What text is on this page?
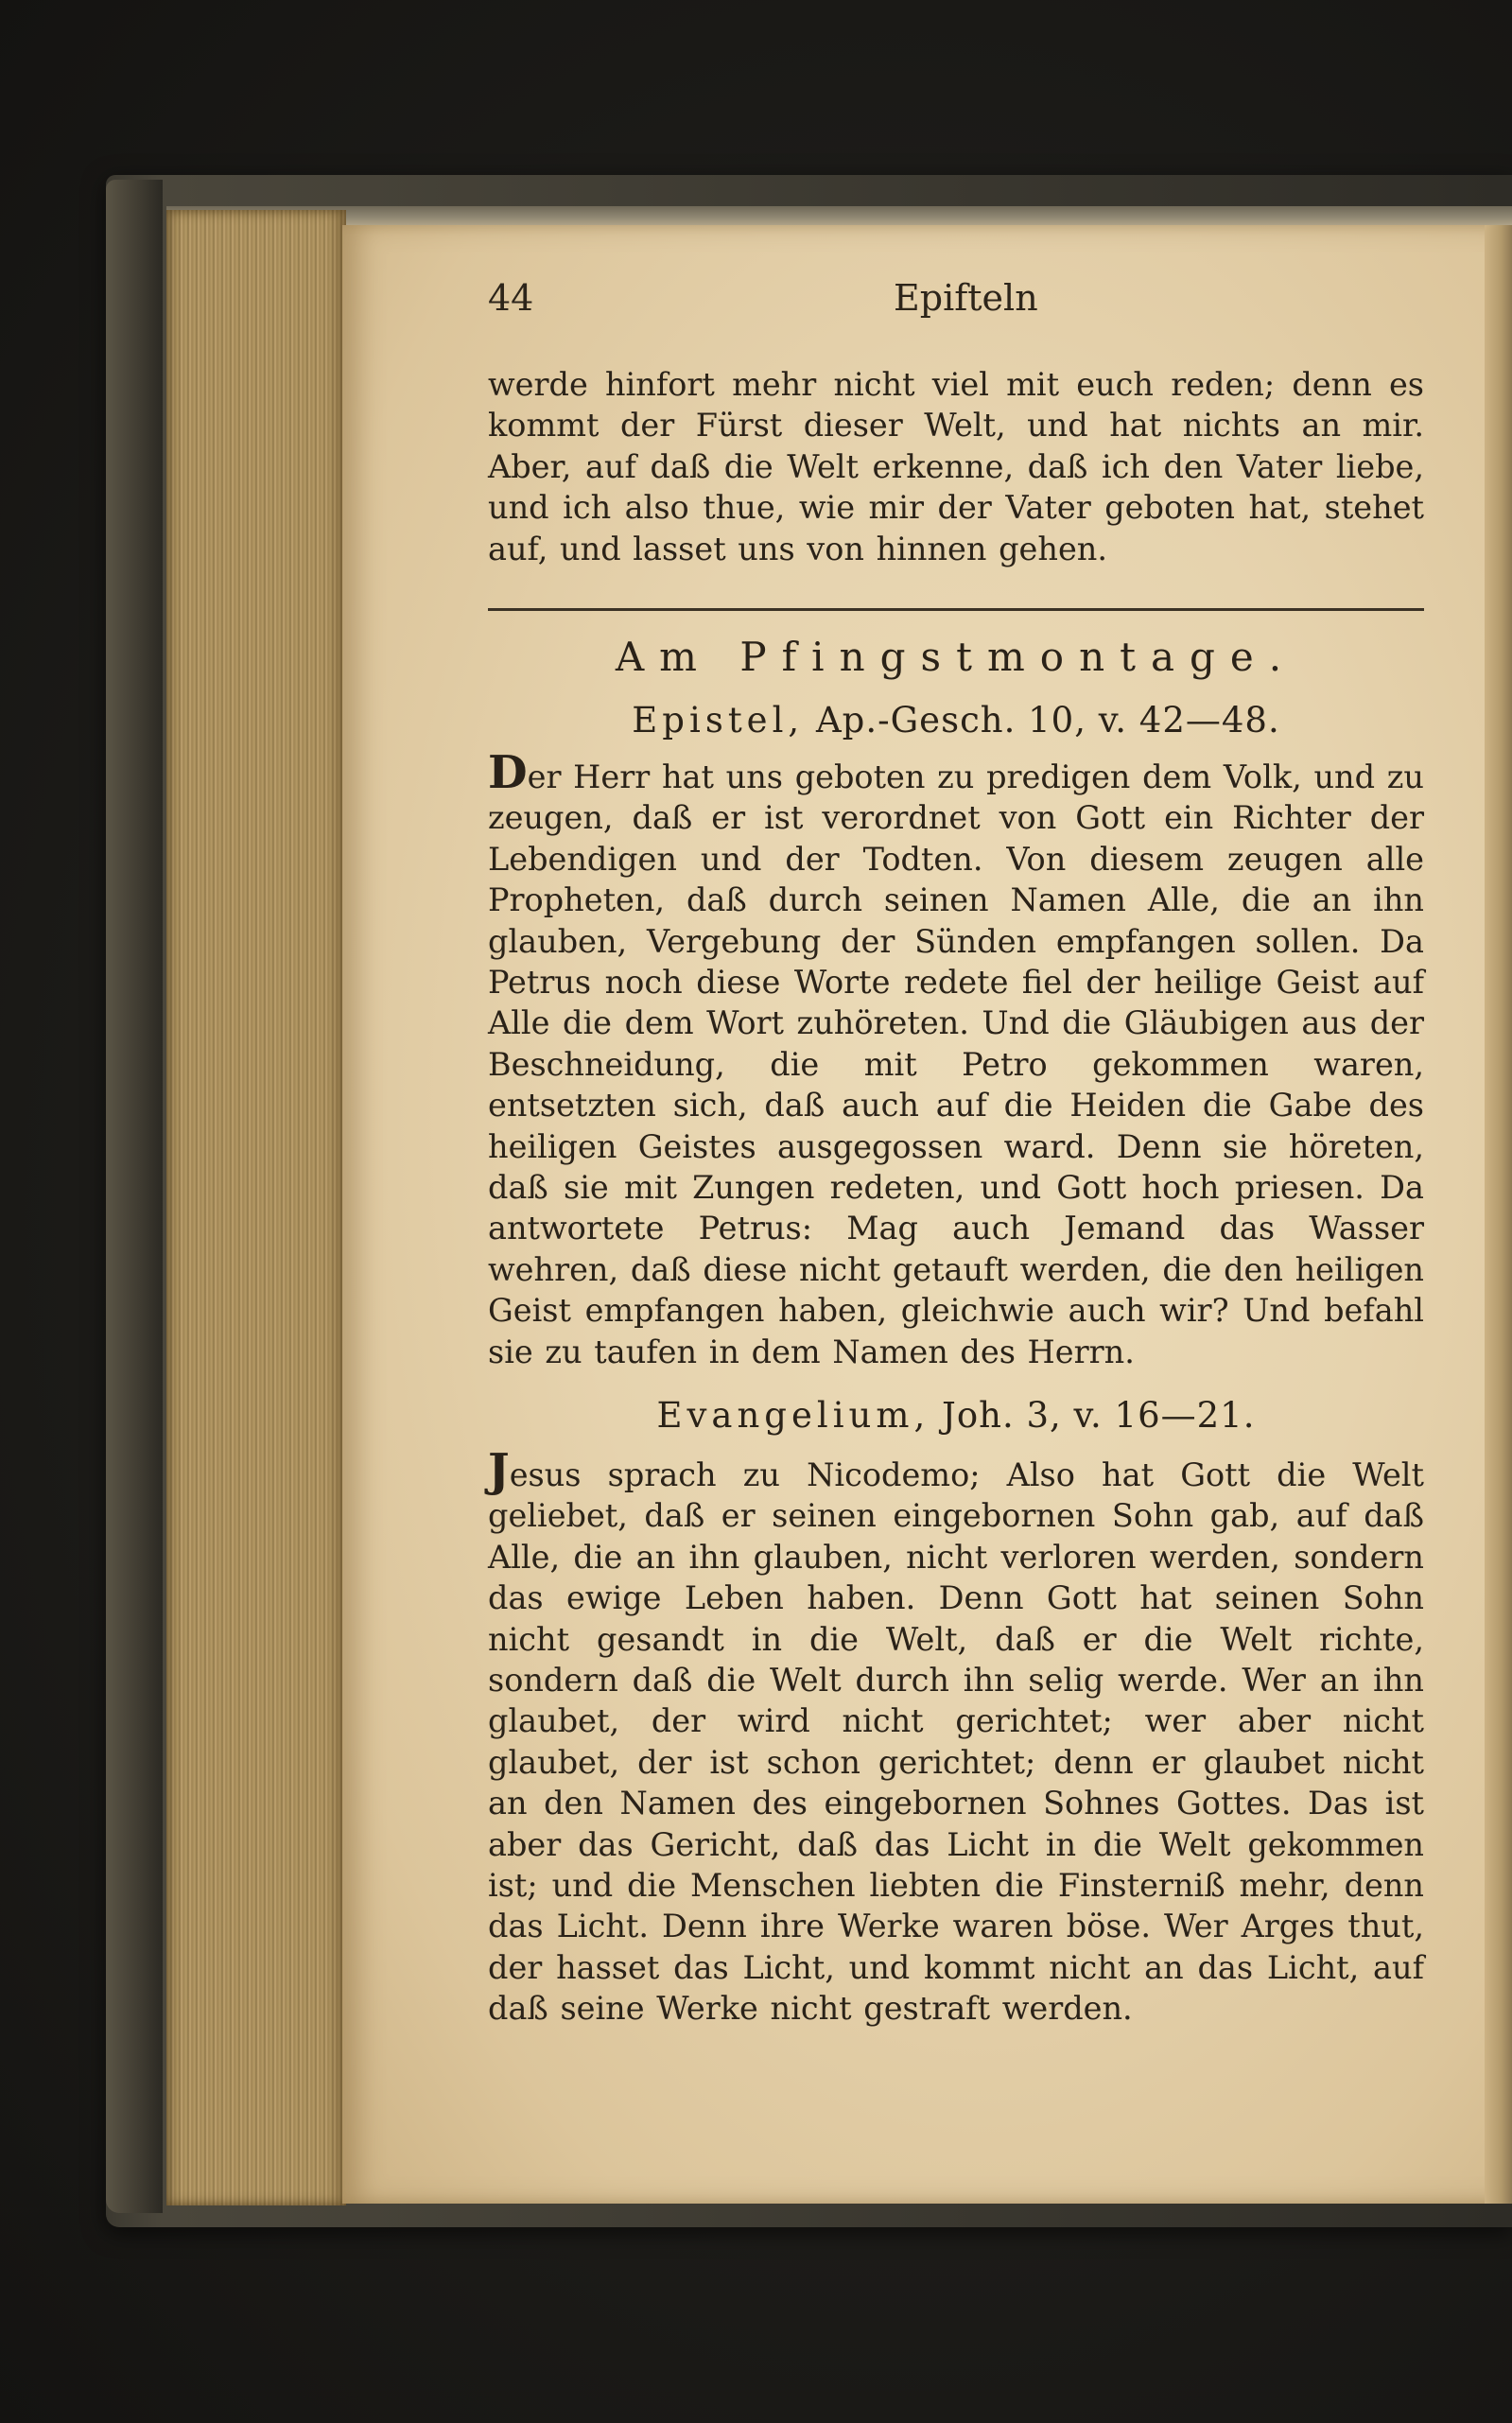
44	Epifteln
werde hinfort mehr nicht viel mit euch reden; denn es kommt der Fürst dieser Welt, und hat nichts an mir. Aber, auf daß die Welt erkenne, daß ich den Vater liebe, und ich also thue, wie mir der Vater geboten hat, stehet auf, und lasset uns von hinnen gehen.
Am Pfingstmontage.
Epistel, Ap.-Gesch. 10, v. 42—48.
Der Herr hat uns geboten zu predigen dem Volk, und zu zeugen, daß er ist verordnet von Gott ein Richter der Lebendigen und der Todten. Von diesem zeugen alle Propheten, daß durch seinen Namen Alle, die an ihn glauben, Vergebung der Sünden empfangen sollen. Da Petrus noch diese Worte redete fiel der heilige Geist auf Alle die dem Wort zuhöreten. Und die Gläubigen aus der Beschneidung, die mit Petro gekommen waren, entsetzten sich, daß auch auf die Heiden die Gabe des heiligen Geistes ausgegossen ward. Denn sie höreten, daß sie mit Zungen redeten, und Gott hoch priesen. Da antwortete Petrus: Mag auch Jemand das Wasser wehren, daß diese nicht getauft werden, die den heiligen Geist empfangen haben, gleichwie auch wir? Und befahl sie zu taufen in dem Namen des Herrn.
Evangelium, Joh. 3, v. 16—21.
Jesus sprach zu Nicodemo; Also hat Gott die Welt geliebet, daß er seinen eingebornen Sohn gab, auf daß Alle, die an ihn glauben, nicht verloren werden, sondern das ewige Leben haben. Denn Gott hat seinen Sohn nicht gesandt in die Welt, daß er die Welt richte, sondern daß die Welt durch ihn selig werde. Wer an ihn glaubet, der wird nicht gerichtet; wer aber nicht glaubet, der ist schon gerichtet; denn er glaubet nicht an den Namen des eingebornen Sohnes Gottes. Das ist aber das Gericht, daß das Licht in die Welt gekommen ist; und die Menschen liebten die Finsterniß mehr, denn das Licht. Denn ihre Werke waren böse. Wer Arges thut, der hasset das Licht, und kommt nicht an das Licht, auf daß seine Werke nicht gestraft werden.
